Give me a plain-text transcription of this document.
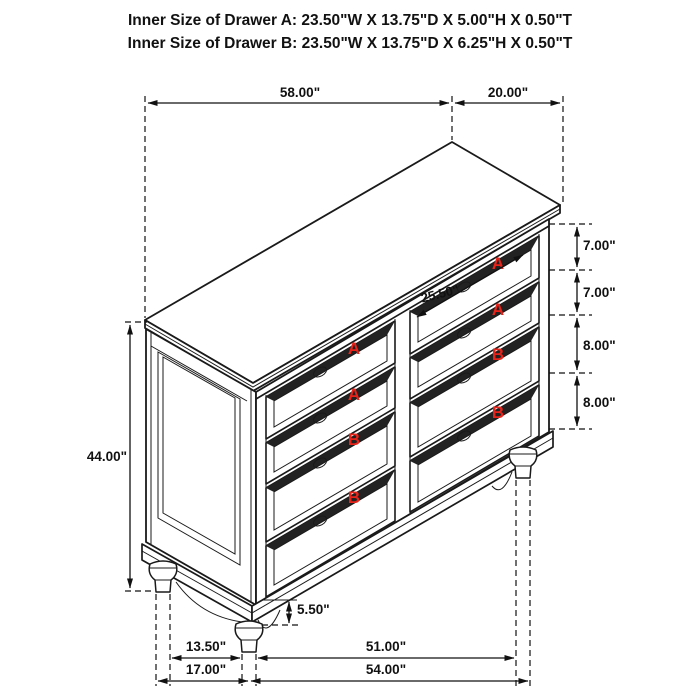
Inner Size of Drawer A: 23.50"W X 13.75"D X 5.00"H X 0.50"T
Inner Size of Drawer B: 23.50"W X 13.75"D X 6.25"H X 0.50"T
A
A
B
B
A
A
B
B
58.00"	20.00"
7.00"
7.00"
8.00"
8.00"
44.00"
25.50"
5.50"
13.50"	51.00"
17.00"	54.00"
